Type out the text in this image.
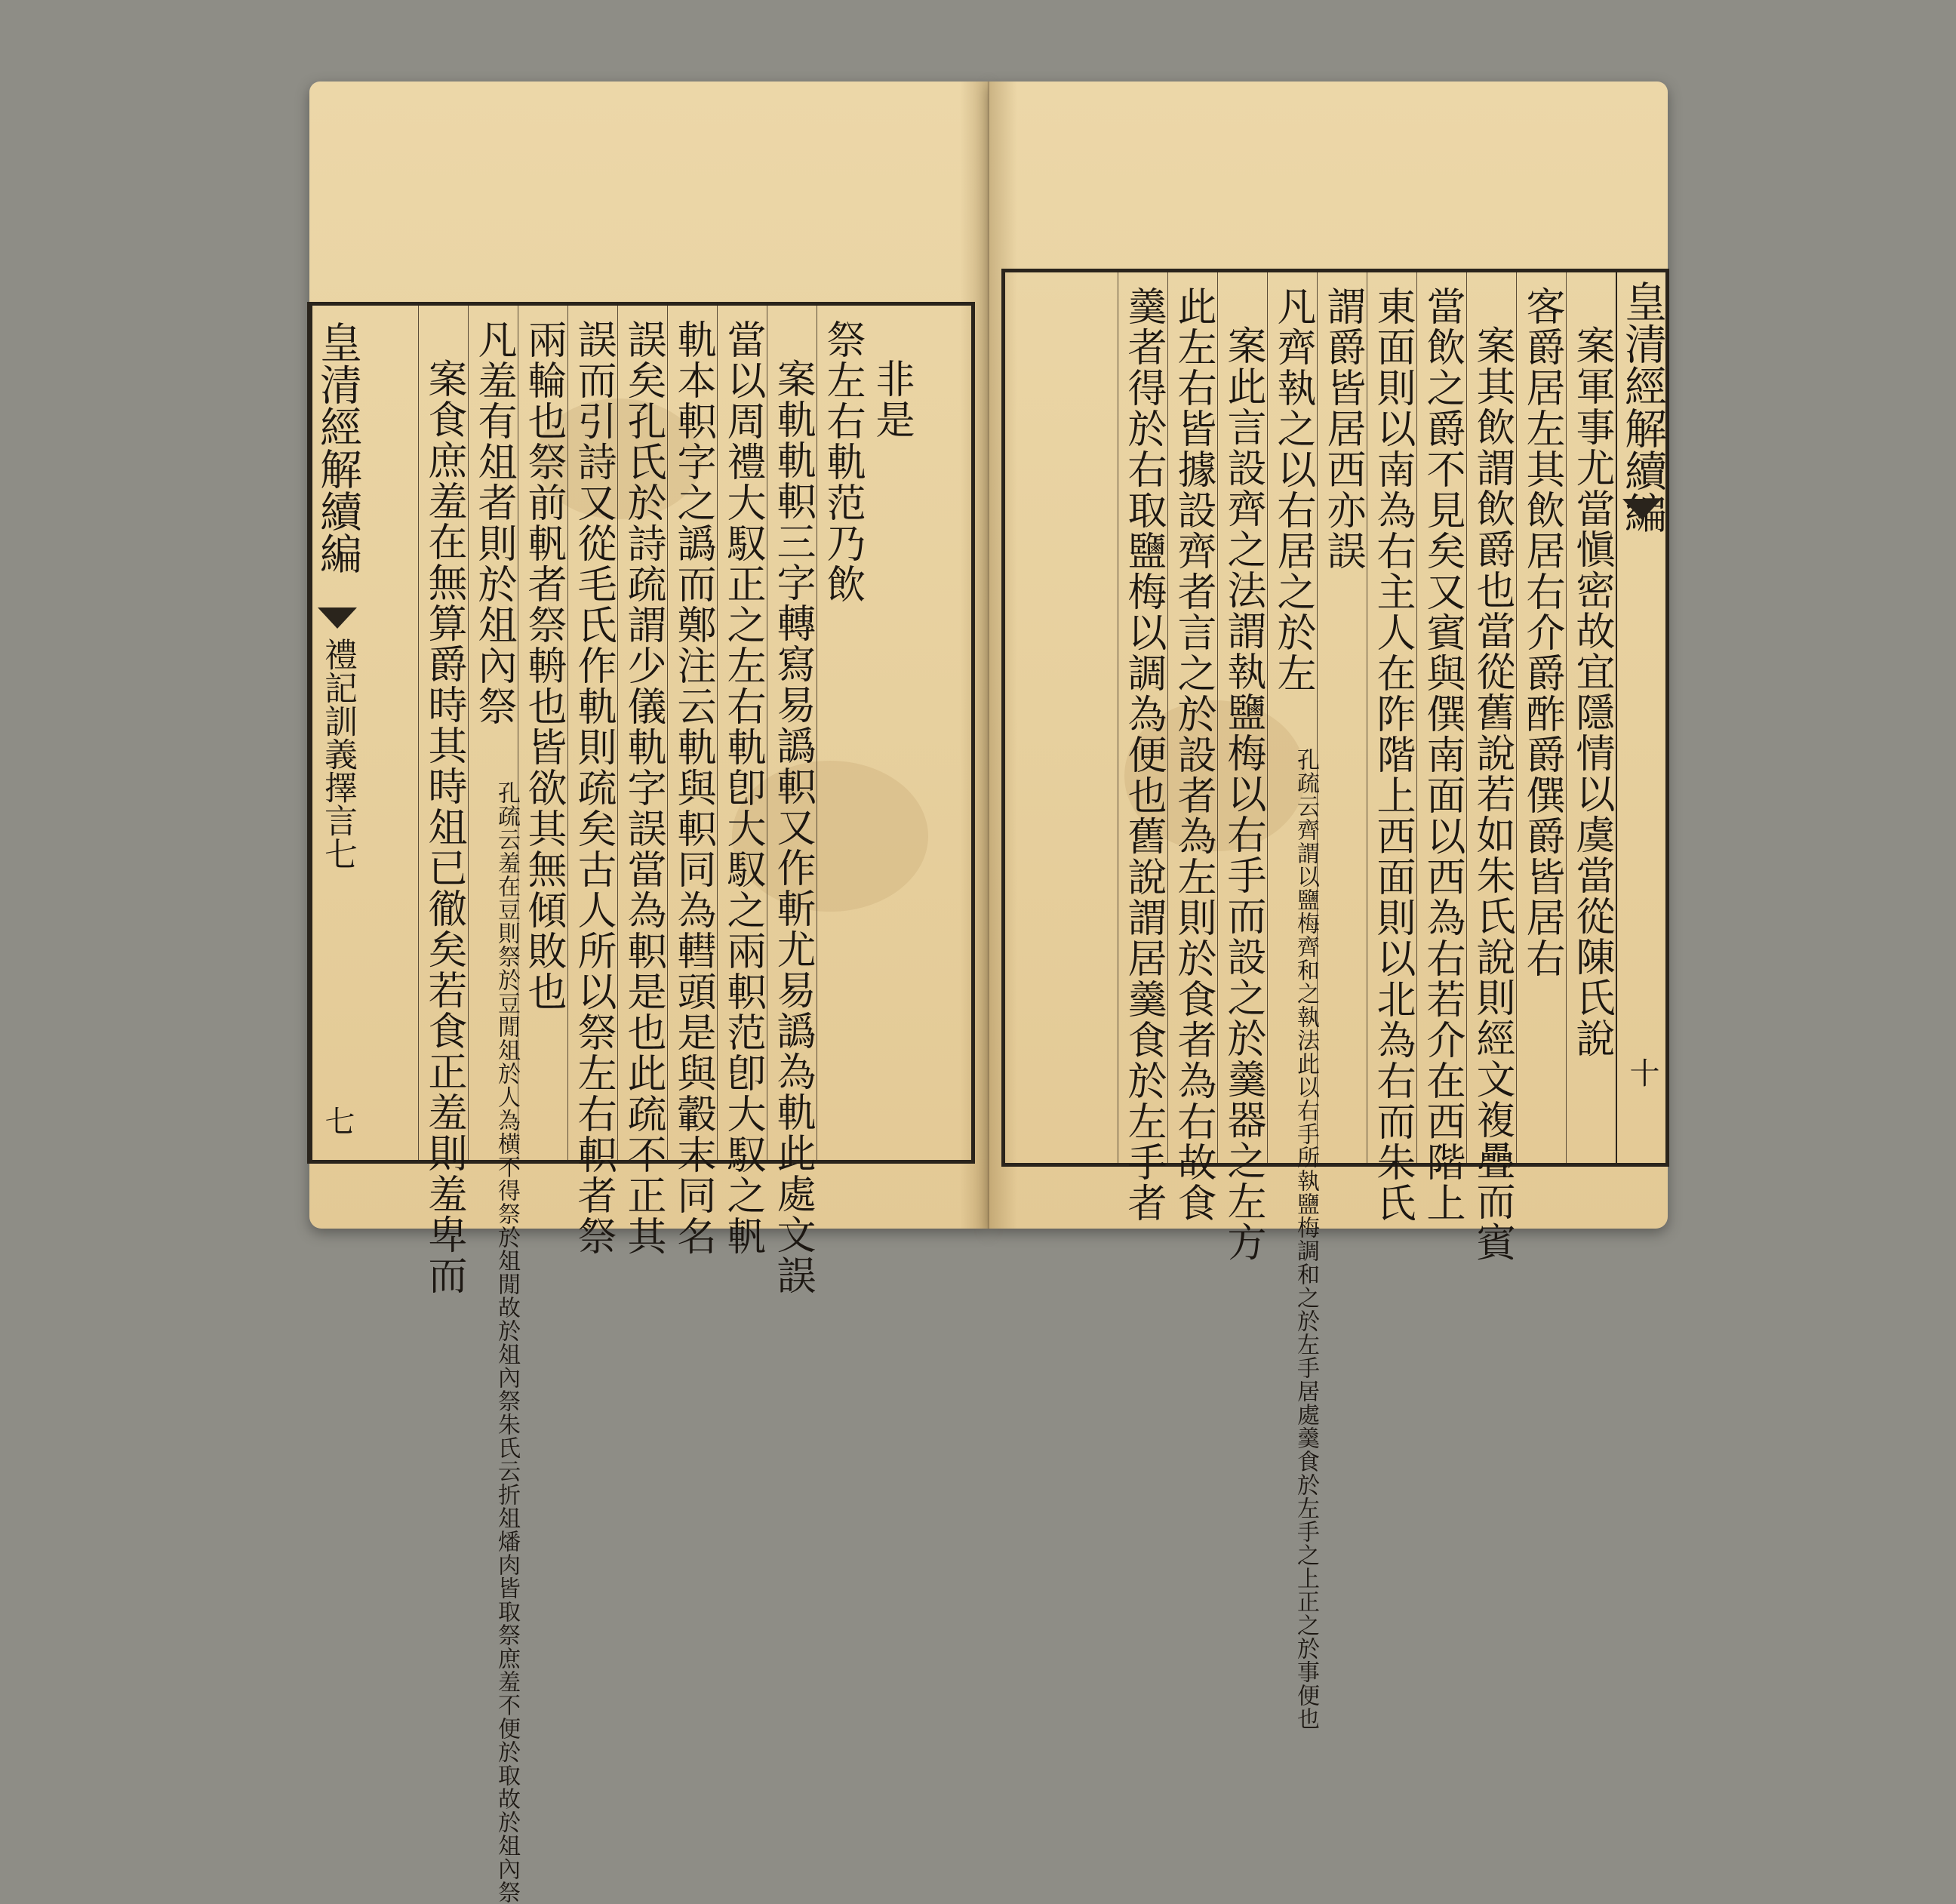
非是
祭左右軌范乃飲
案軌軌軹三字轉寫易譌軹又作斬尤易譌為軌此處文誤
當以周禮大馭正之左右軌卽大馭之兩軹范卽大馭之軓
軌本軹字之譌而鄭注云軌與軹同為轊頭是與轂末同名
誤矣孔氏於詩疏謂少儀軌字誤當為軹是也此疏不正其
誤而引詩又從毛氏作軌則疏矣古人所以祭左右軹者祭
兩輪也祭前軓者祭輈也皆欲其無傾敗也
凡羞有俎者則於俎內祭
孔疏云羞在豆則祭於豆閒俎於人為横不得祭於俎閒故於俎內祭朱氏云折俎燔肉皆取祭庶羞不便於取故於俎內祭
案食庶羞在無算爵時其時俎已徹矣若食正羞則羞卑而
皇清經解續編
禮記訓義擇言七
七
皇清經解續編
十
案軍事尤當愼密故宜隱情以虞當從陳氏說
客爵居左其飲居右介爵酢爵僎爵皆居右
案其飲謂飲爵也當從舊說若如朱氏說則經文複疊而賓
當飲之爵不見矣又賓與僎南面以西為右若介在西階上
東面則以南為右主人在阼階上西面則以北為右而朱氏
謂爵皆居西亦誤
凡齊執之以右居之於左
孔疏云齊謂以鹽梅齊和之執法此以右手所執鹽梅調和之於左手居處羹食於左手之上正之於事便也
案此言設齊之法謂執鹽梅以右手而設之於羹器之左方
此左右皆據設齊者言之於設者為左則於食者為右故食
羹者得於右取鹽梅以調為便也舊說謂居羹食於左手者
